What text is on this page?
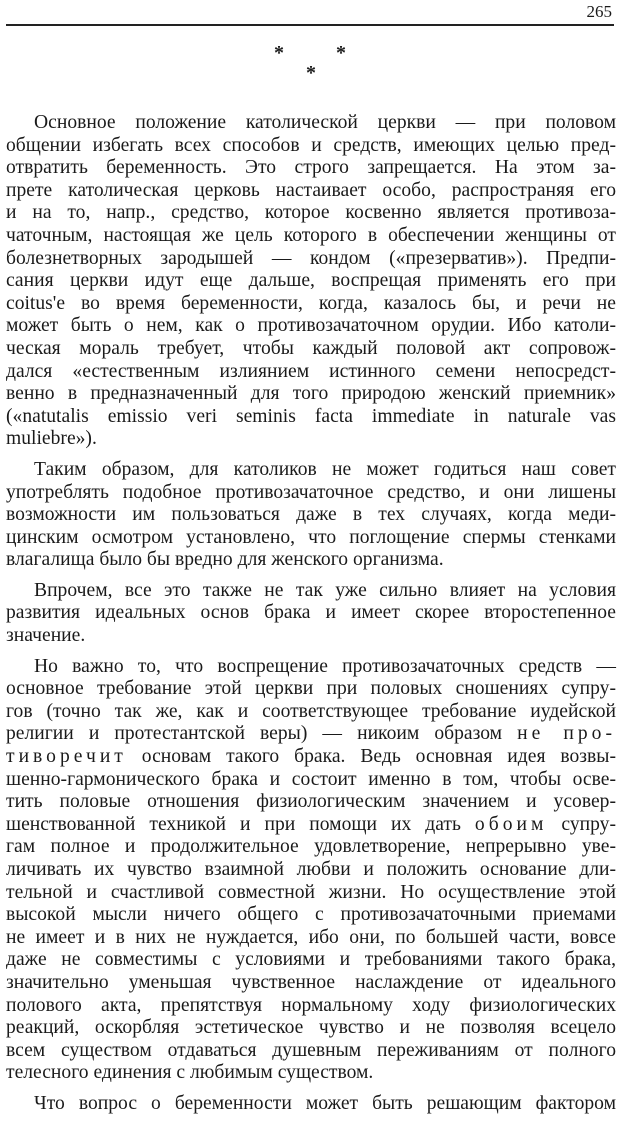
265
*	*
*
Основное положение католической церкви — при половом
общении избегать всех способов и средств, имеющих целью пред-
отвратить беременность. Это строго запрещается. На этом за-
прете католическая церковь настаивает особо, распространяя его
и на то, напр., средство, которое косвенно является противоза-
чаточным, настоящая же цель которого в обеспечении женщины от
болезнетворных зародышей — кондом («презерватив»). Предпи-
сания церкви идут еще дальше, воспрещая применять его при
coitus'е во время беременности, когда, казалось бы, и речи не
может быть о нем, как о противозачаточном орудии. Ибо католи-
ческая мораль требует, чтобы каждый половой акт сопровож-
дался «естественным излиянием истинного семени непосредст-
венно в предназначенный для того природою женский приемник»
(«natutalis emissio veri seminis facta immediate in naturale vas
muliebre»).
Таким образом, для католиков не может годиться наш совет
употреблять подобное противозачаточное средство, и они лишены
возможности им пользоваться даже в тех случаях, когда меди-
цинским осмотром установлено, что поглощение спермы стенками
влагалища было бы вредно для женского организма.
Впрочем, все это также не так уже сильно влияет на условия
развития идеальных основ брака и имеет скорее второстепенное
значение.
Но важно то, что воспрещение противозачаточных средств —
основное требование этой церкви при половых сношениях супру-
гов (точно так же, как и соответствующее требование иудейской
религии и протестантской веры) — никоим образом не про-
тиворечит основам такого брака. Ведь основная идея возвы-
шенно-гармонического брака и состоит именно в том, чтобы осве-
тить половые отношения физиологическим значением и усовер-
шенствованной техникой и при помощи их дать обоим супру-
гам полное и продолжительное удовлетворение, непрерывно уве-
личивать их чувство взаимной любви и положить основание дли-
тельной и счастливой совместной жизни. Но осуществление этой
высокой мысли ничего общего с противозачаточными приемами
не имеет и в них не нуждается, ибо они, по большей части, вовсе
даже не совместимы с условиями и требованиями такого брака,
значительно уменьшая чувственное наслаждение от идеального
полового акта, препятствуя нормальному ходу физиологических
реакций, оскорбляя эстетическое чувство и не позволяя всецело
всем существом отдаваться душевным переживаниям от полного
телесного единения с любимым существом.
Что вопрос о беременности может быть решающим фактором
